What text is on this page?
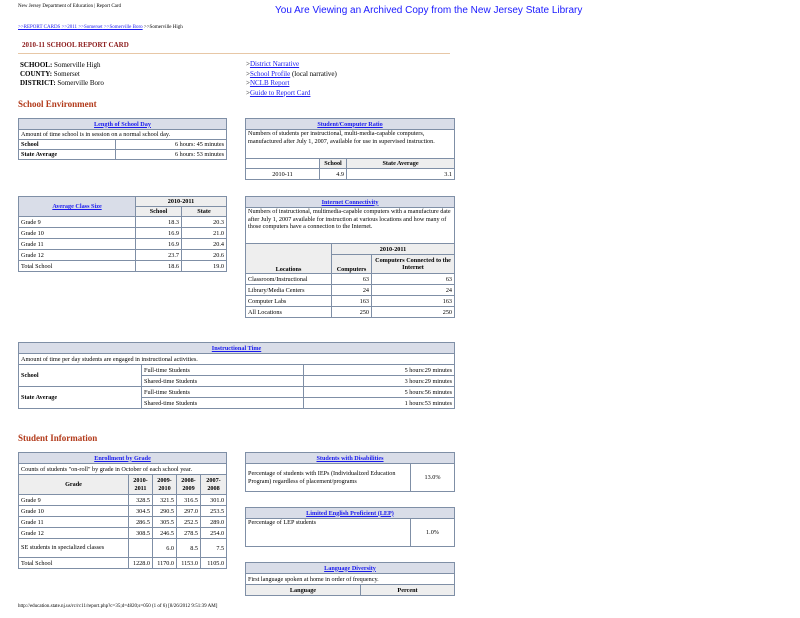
New Jersey Department of Education | Report Card	You Are Viewing an Archived Copy from the New Jersey State Library
>>REPORT CARDS >>2011 >>Somerset >>Somerville Boro >>Somerville High
2010-11 SCHOOL REPORT CARD
SCHOOL: Somerville High
COUNTY: Somerset
DISTRICT: Somerville Boro
>District Narrative
>School Profile (local narrative)
>NCLB Report
>Guide to Report Card
School Environment
Length of School Day	
Amount of time school is in session on a normal school day.	
School	6 hours: 45 minutes
State Average	6 hours: 53 minutes
Student/Computer Ratio		
Numbers of students per instructional, multi-media-capable computers, manufactured after July 1, 2007, available for use in supervised instruction.		
	School	State Average
2010-11	4.9	3.1
Average Class Size	2010-2011	
	School	State
Grade 9	18.3	20.3
Grade 10	16.9	21.0
Grade 11	16.9	20.4
Grade 12	23.7	20.6
Total School	18.6	19.0
Internet Connectivity		
Numbers of instructional, multimedia-capable computers with a manufacture date after July 1, 2007 available for instruction at various locations and how many of those computers have a connection to the Internet.		
Locations	2010-2011	
	Computers	Computers Connected to the Internet
Classroom/Instructional	63	63
Library/Media Centers	24	24
Computer Labs	163	163
All Locations	250	250
Instructional Time		
Amount of time per day students are engaged in instructional activities.		
School	Full-time Students	5 hours:29 minutes
	Shared-time Students	3 hours:29 minutes
State Average	Full-time Students	5 hours:56 minutes
	Shared-time Students	1 hours:53 minutes
Student Information
Enrollment by Grade				
Counts of students "on-roll" by grade in October of each school year.				
Grade	2010-2011	2009-2010	2008-2009	2007-2008
Grade 9	328.5	321.5	316.5	301.0
Grade 10	304.5	290.5	297.0	253.5
Grade 11	286.5	305.5	252.5	289.0
Grade 12	308.5	246.5	278.5	254.0
SE students in specialized classes		6.0	8.5	7.5
Total School	1228.0	1170.0	1153.0	1105.0
Students with Disabilities
Percentage of students with IEPs (Individualized Education Program) regardless of placement/programs	13.0%
Limited English Proficient (LEP)
Percentage of LEP students	1.0%
Language Diversity
First language spoken at home in order of frequency.
Language	Percent
http://education.state.nj.us/rc/rc11/report.php?c=35;d=4820;s=050 (1 of 6) [8/26/2012 9:51:39 AM]
